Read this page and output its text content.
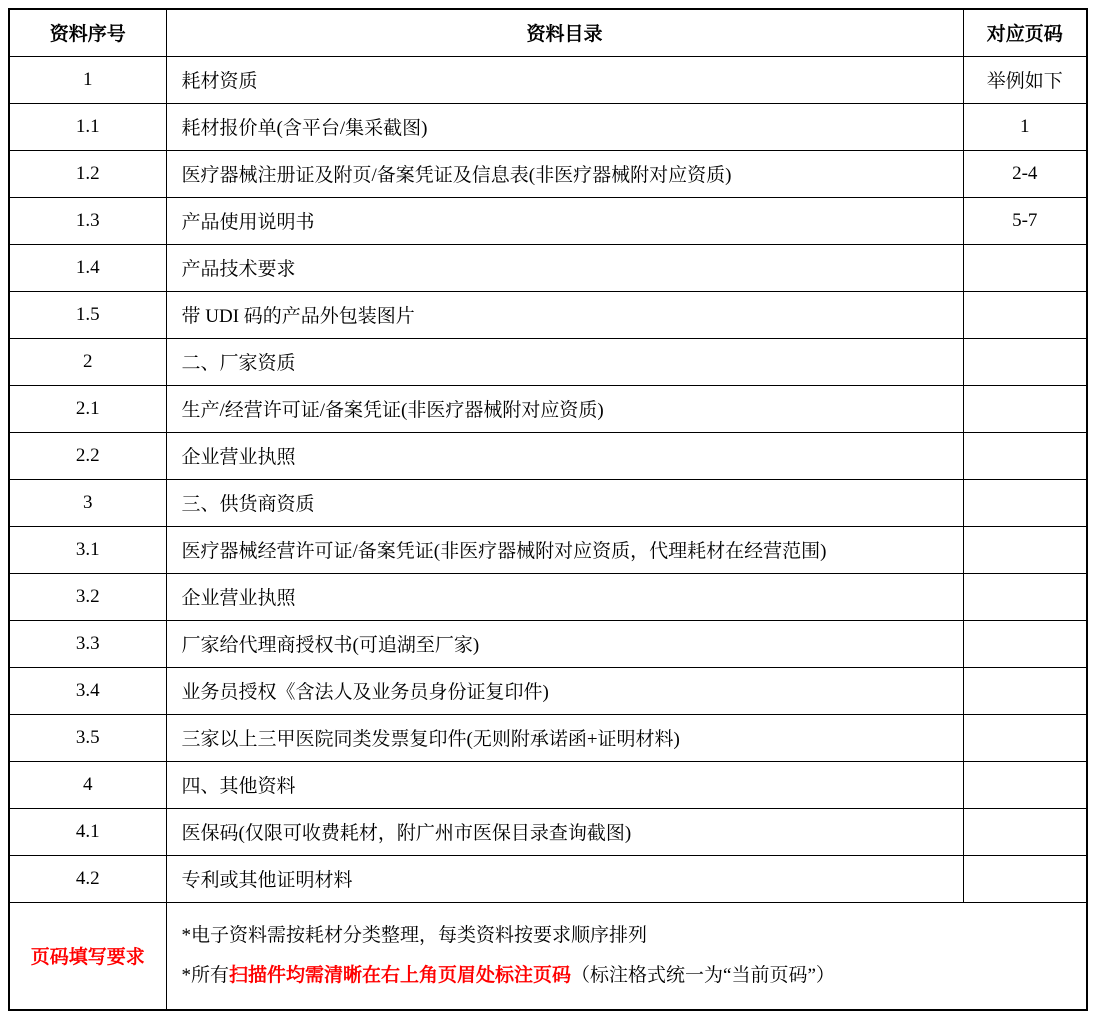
资料序号	资料目录	对应页码
1	耗材资质	举例如下
1.1	耗材报价单(含平台/集采截图)	1
1.2	医疗器械注册证及附页/备案凭证及信息表(非医疗器械附对应资质)	2-4
1.3	产品使用说明书	5-7
1.4	产品技术要求	
1.5	带 UDI 码的产品外包装图片	
2	二、厂家资质	
2.1	生产/经营许可证/备案凭证(非医疗器械附对应资质)	
2.2	企业营业执照	
3	三、供货商资质	
3.1	医疗器械经营许可证/备案凭证(非医疗器械附对应资质，代理耗材在经营范围)	
3.2	企业营业执照	
3.3	厂家给代理商授权书(可追湖至厂家)	
3.4	业务员授权《含法人及业务员身份证复印件)	
3.5	三家以上三甲医院同类发票复印件(无则附承诺函+证明材料)	
4	四、其他资料	
4.1	医保码(仅限可收费耗材，附广州市医保目录查询截图)	
4.2	专利或其他证明材料	
页码填写要求	*电子资料需按耗材分类整理，每类资料按要求顺序排列

*所有扫描件均需清晰在右上角页眉处标注页码（标注格式统一为“当前页码”）	
